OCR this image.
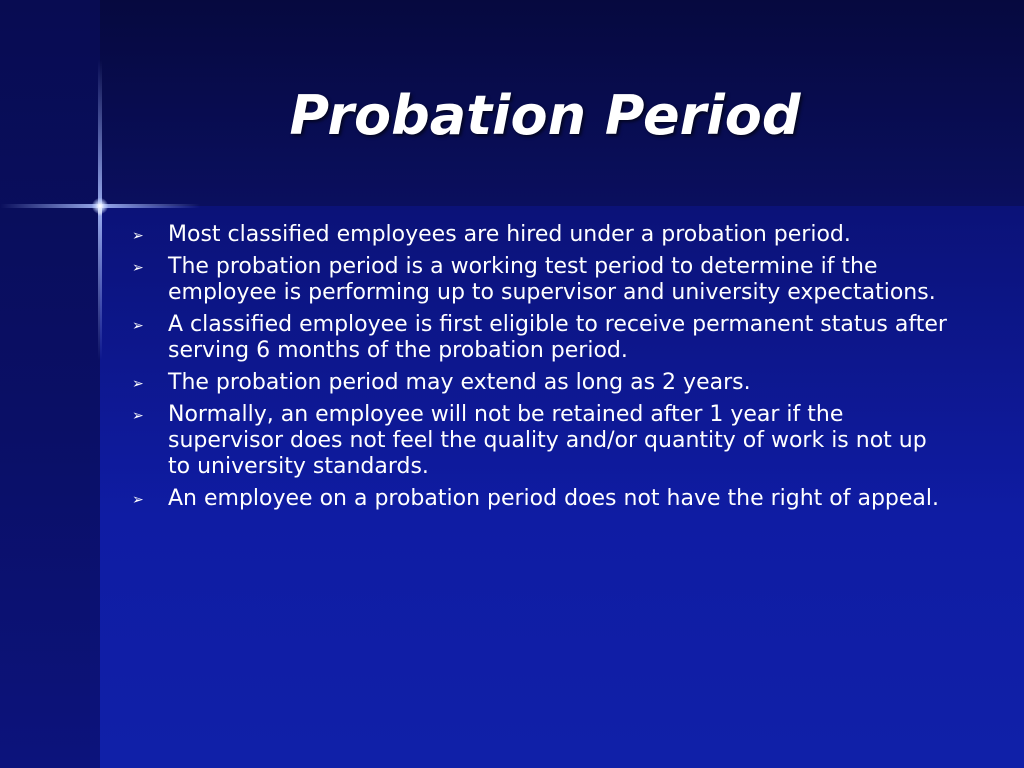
Probation Period
➢ Most classified employees are hired under a probation period.
➢ The probation period is a working test period to determine if the employee is performing up to supervisor and university expectations.
➢ A classified employee is first eligible to receive permanent status after serving 6 months of the probation period.
➢ The probation period may extend as long as 2 years.
➢ Normally, an employee will not be retained after 1 year if the supervisor does not feel the quality and/or quantity of work is not up to university standards.
➢ An employee on a probation period does not have the right of appeal.
